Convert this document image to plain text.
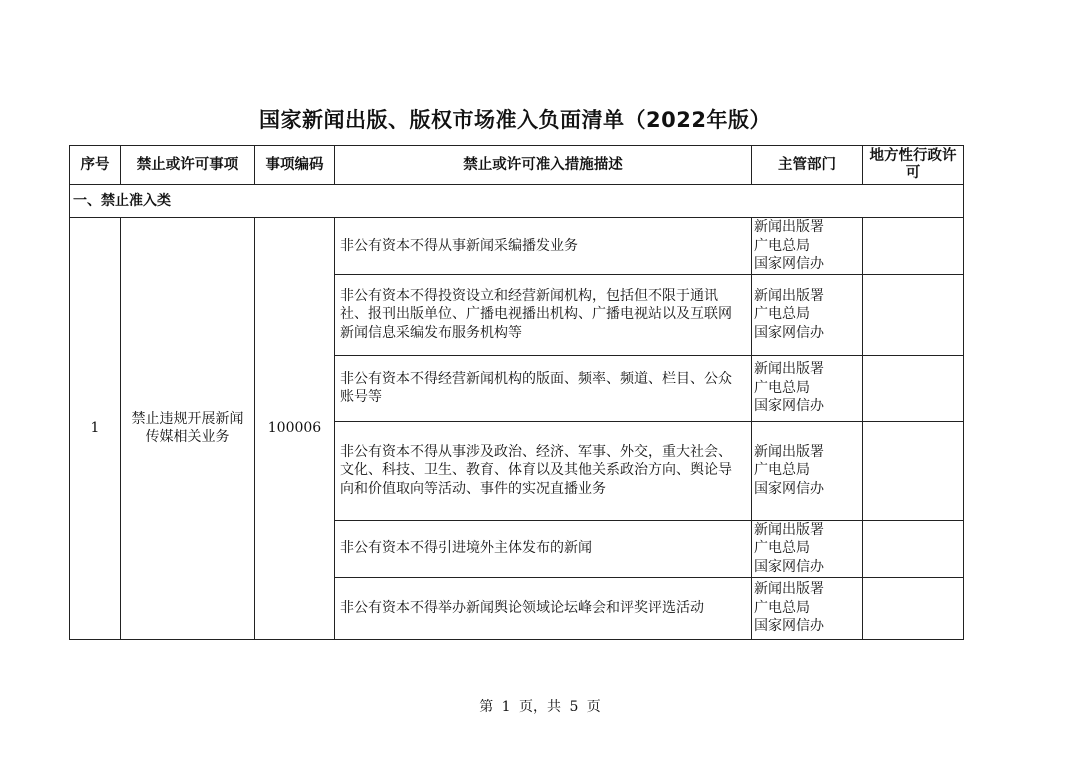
国家新闻出版、版权市场准入负面清单（2022年版）
序号	禁止或许可事项	事项编码	禁止或许可准入措施描述	主管部门	地方性行政许可
一、禁止准入类					
1	禁止违规开展新闻传媒相关业务	100006	非公有资本不得从事新闻采编播发业务	新闻出版署
广电总局
国家网信办	

			非公有资本不得投资设立和经营新闻机构，包括但不限于通讯社、报刊出版单位、广播电视播出机构、广播电视站以及互联网新闻信息采编发布服务机构等	新闻出版署
广电总局
国家网信办	

			非公有资本不得经营新闻机构的版面、频率、频道、栏目、公众账号等	新闻出版署
广电总局
国家网信办	

			非公有资本不得从事涉及政治、经济、军事、外交，重大社会、文化、科技、卫生、教育、体育以及其他关系政治方向、舆论导向和价值取向等活动、事件的实况直播业务	新闻出版署
广电总局
国家网信办	

			非公有资本不得引进境外主体发布的新闻	新闻出版署
广电总局
国家网信办	

			非公有资本不得举办新闻舆论领域论坛峰会和评奖评选活动	新闻出版署
广电总局
国家网信办	

第 1 页，共 5 页
